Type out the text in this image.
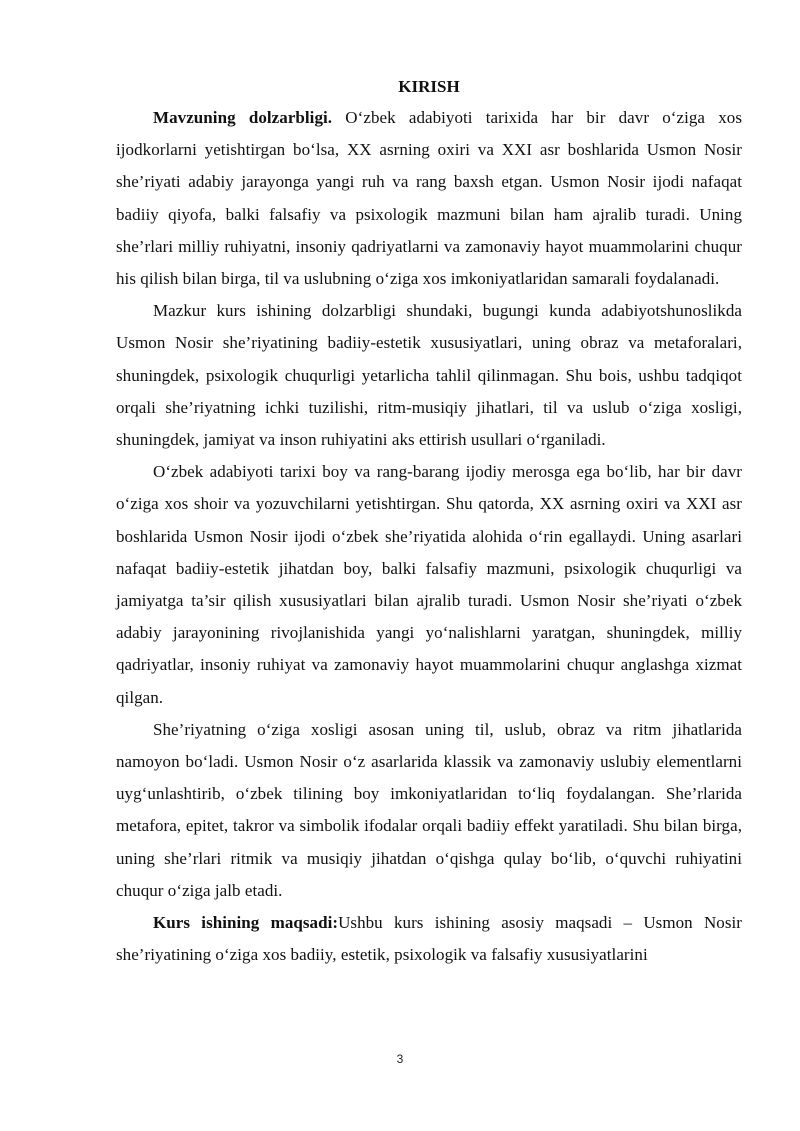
KIRISH

Mavzuning dolzarbligi. O‘zbek adabiyoti tarixida har bir davr o‘ziga xos ijodkorlarni yetishtirgan bo‘lsa, XX asrning oxiri va XXI asr boshlarida Usmon Nosir she’riyati adabiy jarayonga yangi ruh va rang baxsh etgan. Usmon Nosir ijodi nafaqat badiiy qiyofa, balki falsafiy va psixologik mazmuni bilan ham ajralib turadi. Uning she’rlari milliy ruhiyatni, insoniy qadriyatlarni va zamonaviy hayot muammolarini chuqur his qilish bilan birga, til va uslubning o‘ziga xos imkoniyatlaridan samarali foydalanadi.

Mazkur kurs ishining dolzarbligi shundaki, bugungi kunda adabiyotshunoslikda Usmon Nosir she’riyatining badiiy-estetik xususiyatlari, uning obraz va metaforalari, shuningdek, psixologik chuqurligi yetarlicha tahlil qilinmagan. Shu bois, ushbu tadqiqot orqali she’riyatning ichki tuzilishi, ritm-musiqiy jihatlari, til va uslub o‘ziga xosligi, shuningdek, jamiyat va inson ruhiyatini aks ettirish usullari o‘rganiladi.

O‘zbek adabiyoti tarixi boy va rang-barang ijodiy merosga ega bo‘lib, har bir davr o‘ziga xos shoir va yozuvchilarni yetishtirgan. Shu qatorda, XX asrning oxiri va XXI asr boshlarida Usmon Nosir ijodi o‘zbek she’riyatida alohida o‘rin egallaydi. Uning asarlari nafaqat badiiy-estetik jihatdan boy, balki falsafiy mazmuni, psixologik chuqurligi va jamiyatga ta’sir qilish xususiyatlari bilan ajralib turadi. Usmon Nosir she’riyati o‘zbek adabiy jarayonining rivojlanishida yangi yo‘nalishlarni yaratgan, shuningdek, milliy qadriyatlar, insoniy ruhiyat va zamonaviy hayot muammolarini chuqur anglashga xizmat qilgan.

She’riyatning o‘ziga xosligi asosan uning til, uslub, obraz va ritm jihatlarida namoyon bo‘ladi. Usmon Nosir o‘z asarlarida klassik va zamonaviy uslubiy elementlarni uyg‘unlashtirib, o‘zbek tilining boy imkoniyatlaridan to‘liq foydalangan. She’rlarida metafora, epitet, takror va simbolik ifodalar orqali badiiy effekt yaratiladi. Shu bilan birga, uning she’rlari ritmik va musiqiy jihatdan o‘qishga qulay bo‘lib, o‘quvchi ruhiyatini chuqur o‘ziga jalb etadi.

Kurs ishining maqsadi:Ushbu kurs ishining asosiy maqsadi – Usmon Nosir she’riyatining o‘ziga xos badiiy, estetik, psixologik va falsafiy xususiyatlarini

3
